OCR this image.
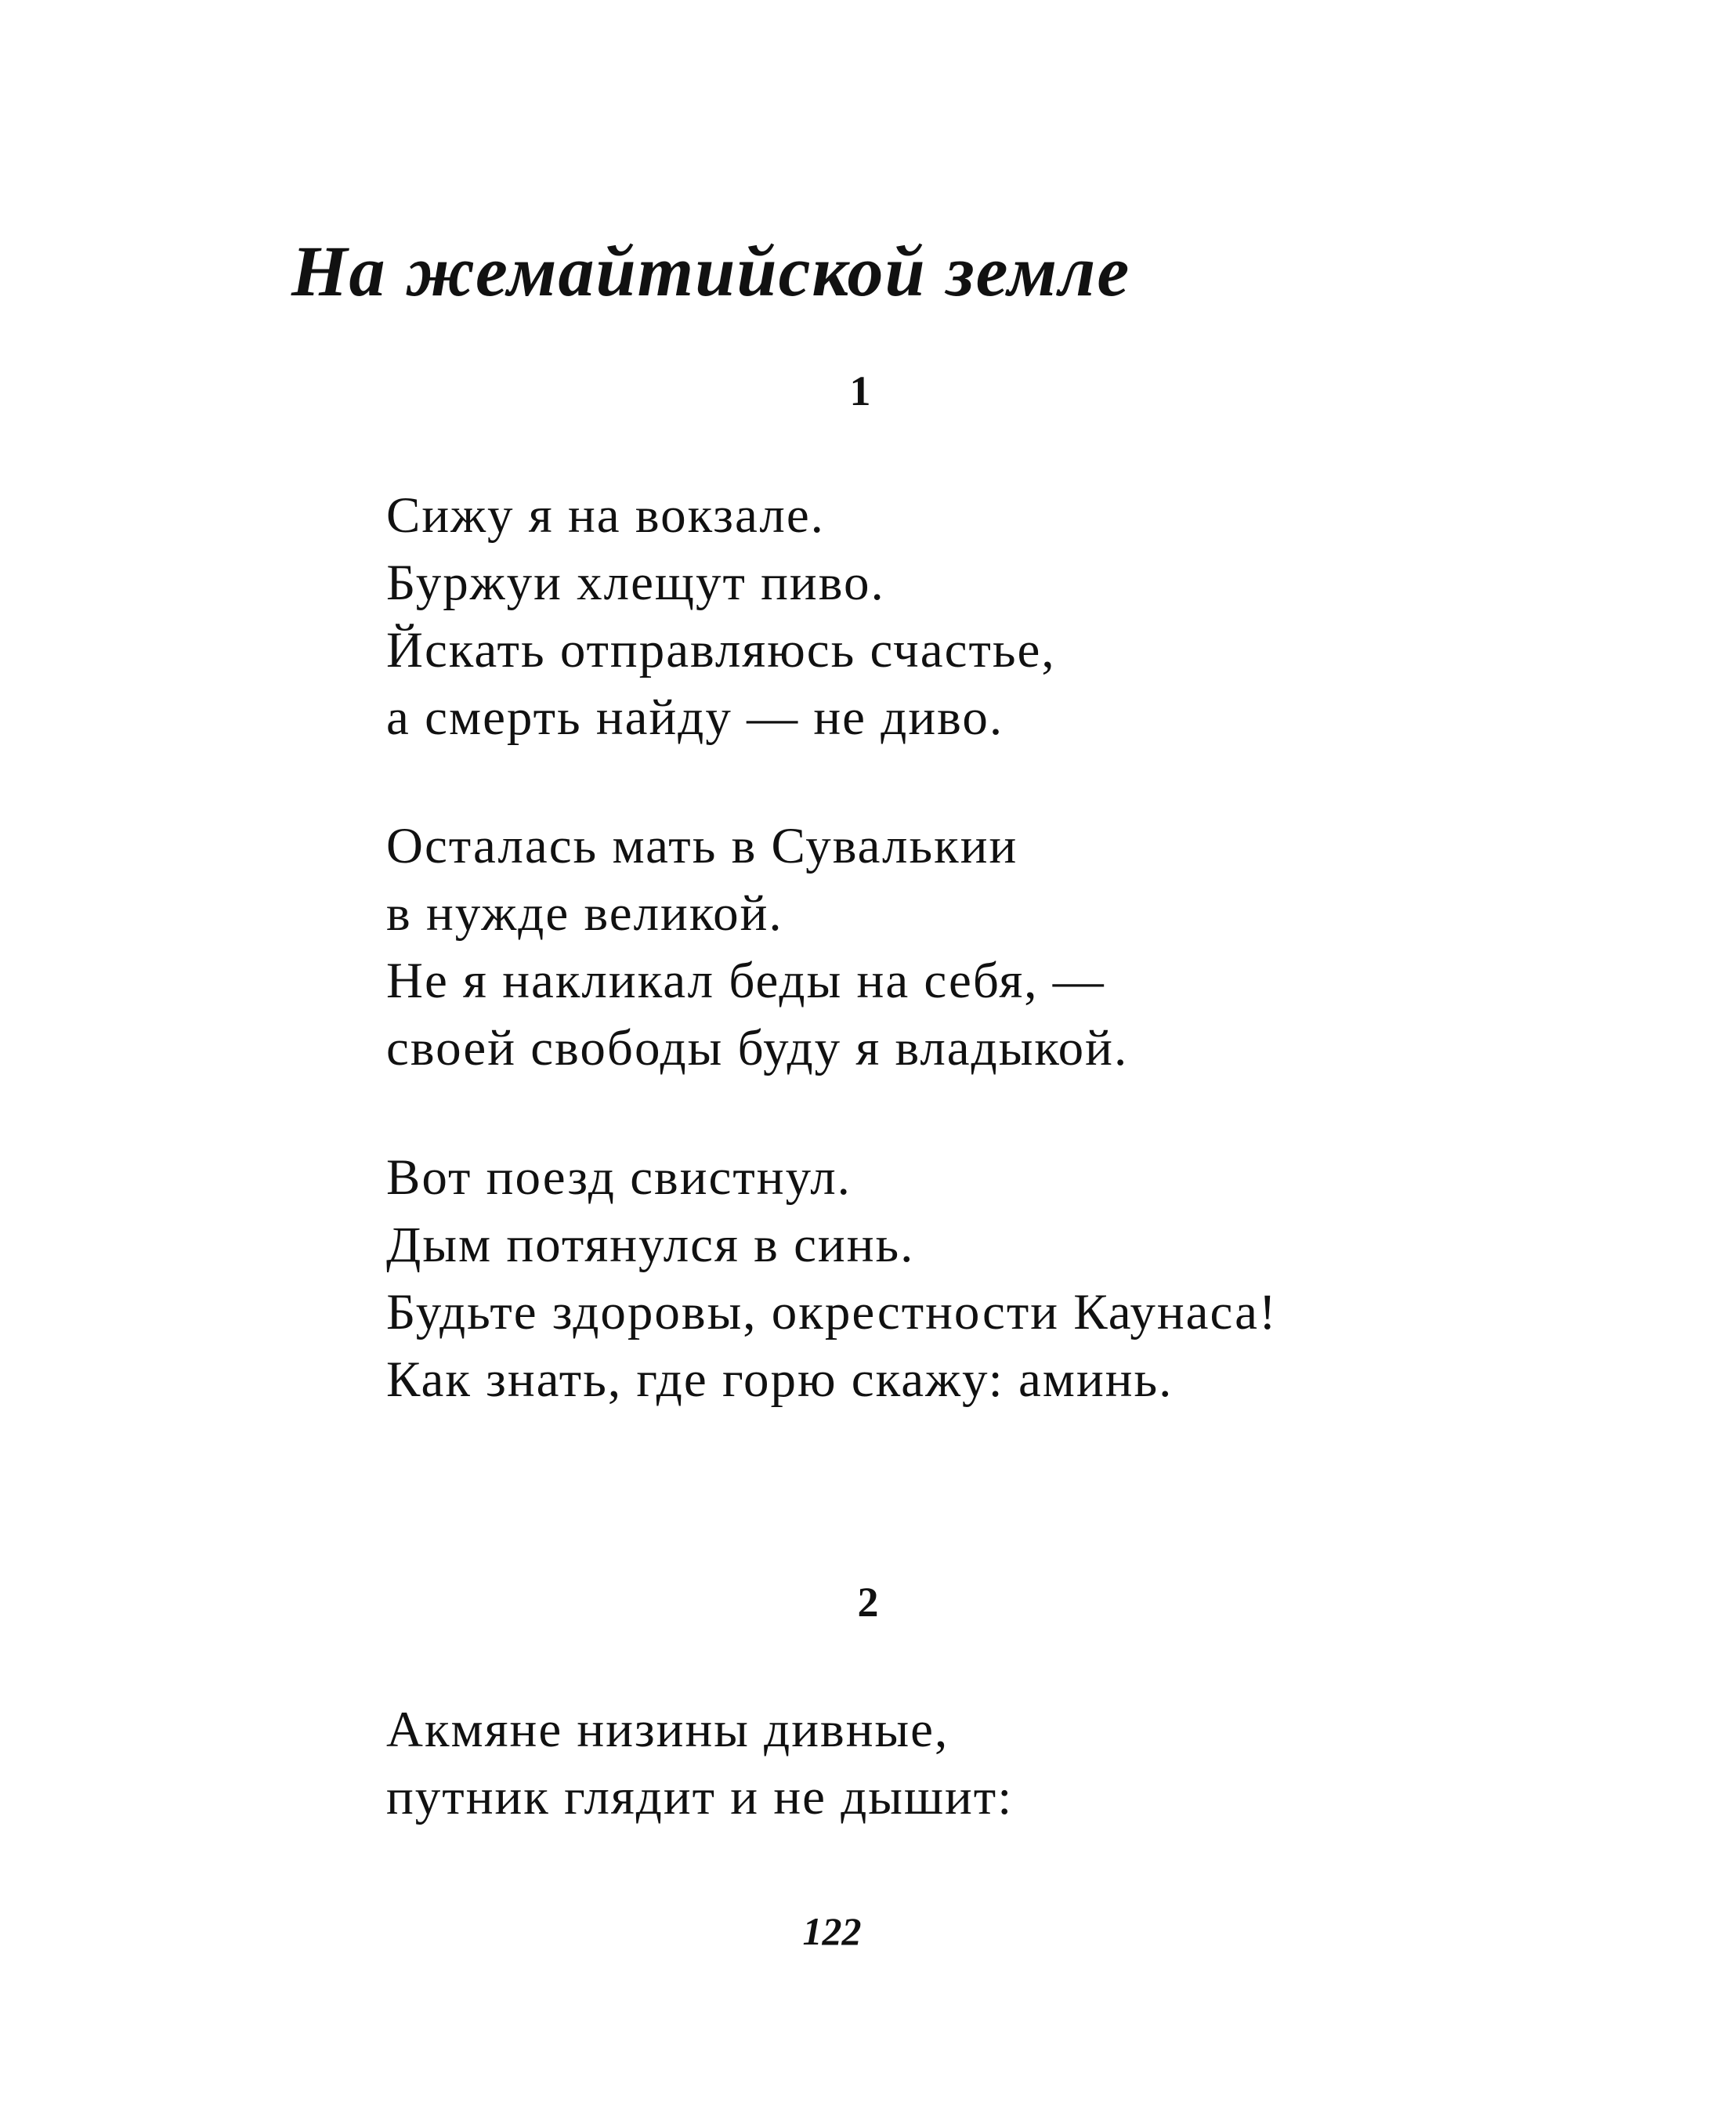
На жемайтийской земле
1
Сижу я на вокзале.
Буржуи хлещут пиво.
Йскать отправляюсь счастье,
а смерть найду — не диво.
Осталась мать в Сувалькии
в нужде великой.
Не я накликал беды на себя, —
своей свободы буду я владыкой.
Вот поезд свистнул.
Дым потянулся в синь.
Будьте здоровы, окрестности Каунаса!
Как знать, где горю скажу: аминь.
2
Акмяне низины дивные,
путник глядит и не дышит:
122
